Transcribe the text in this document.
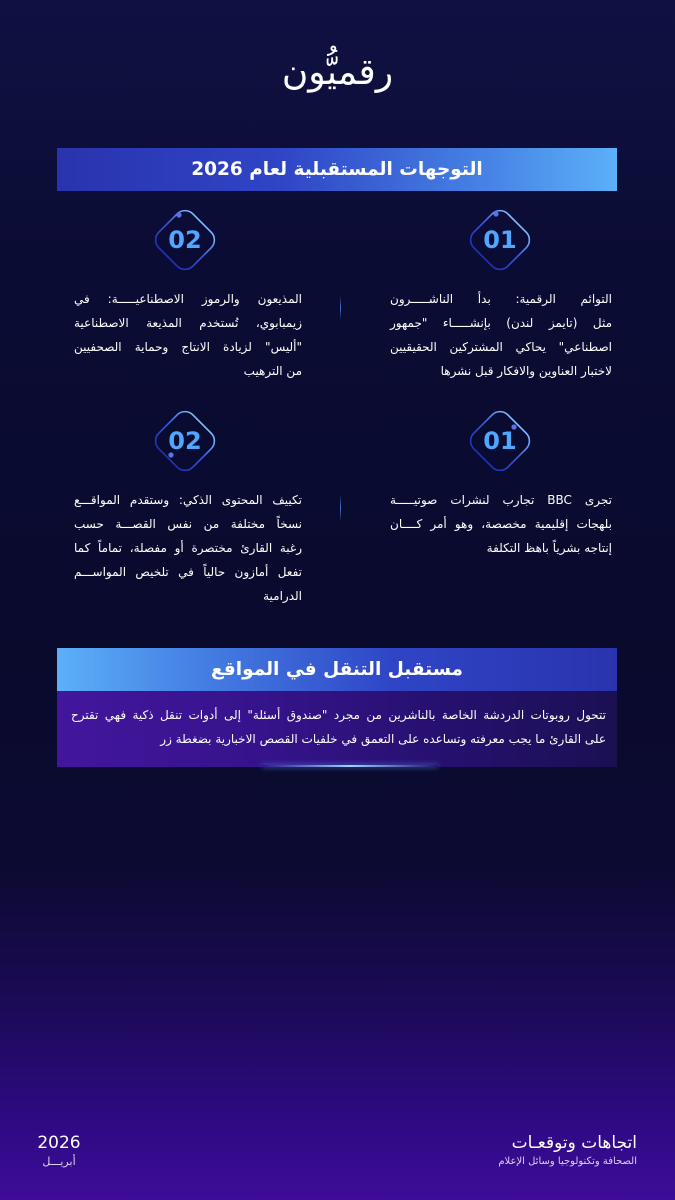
رقميُّون
التوجهات المستقبلية لعام 2026
01
التوائم الرقمية: بدأ الناشـــــرون
مثل (تايمز لندن) بإنشـــــاء "جمهور
اصطناعي" يحاكي المشتركين الحقيقيين
لاختبار العناوين والافكار قبل نشرها
02
المذيعون والرموز الاصطناعيـــــة: في
زيمبابوي، تُستخدم المذيعة الاصطناعية
"أليس" لزيادة الانتاج وحماية الصحفيين
من الترهيب
01
تجرى BBC تجارب لنشرات صوتيـــــة
بلهجات إقليمية مخصصة، وهو أمر كــــان
إنتاجه بشرياً باهظ التكلفة
02
تكييف المحتوى الذكي: وستقدم المواقـــع
نسخاً مختلفة من نفس القصـــة حسب
رغبة القارئ مختصرة أو مفصلة، تماماً كما
تفعل أمازون حالياً في تلخيص المواســـم
الدرامية
مستقبل التنقل في المواقع
تتحول روبوتات الدردشة الخاصة بالناشرين من مجرد "صندوق أسئلة" إلى أدوات تنقل ذكية فهي تقترح
على القارئ ما يجب معرفته وتساعده على التعمق في خلفيات القصص الاخبارية بضغطة زر
اتجاهات وتوقعـات
الصحافة وتكنولوجيا وسائل الإعلام
2026
أبريـــل
